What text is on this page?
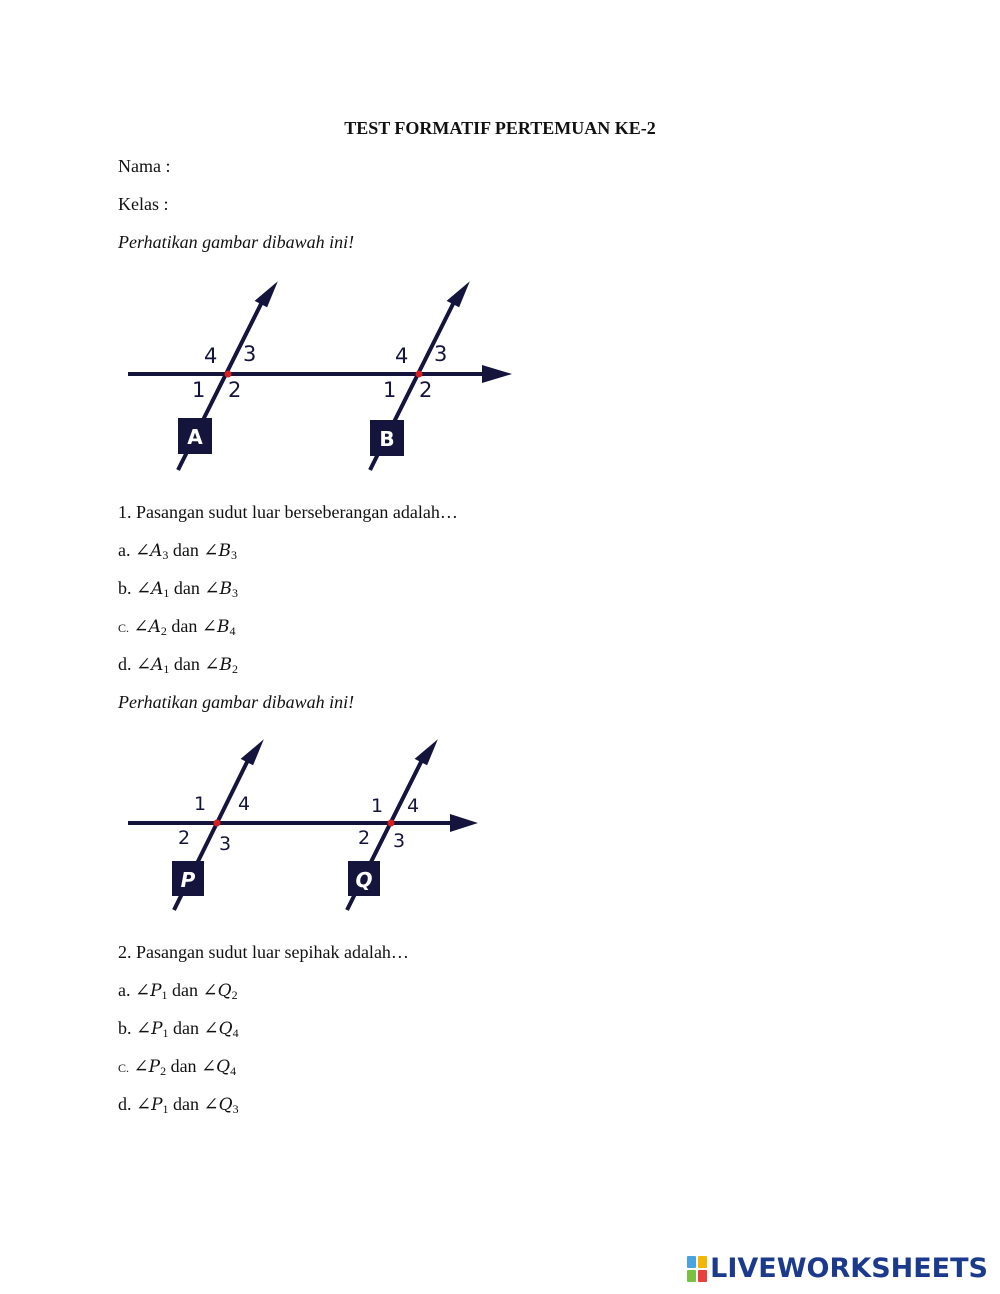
TEST FORMATIF PERTEMUAN KE-2
Nama :
Kelas :
Perhatikan gambar dibawah ini!
4 3
1 2
4 3
1 2
A	B
1. Pasangan sudut luar berseberangan adalah…
a. $\angle A_3$ dan $\angle B_3$
b. $\angle A_1$ dan $\angle B_3$
C. $\angle A_2$ dan $\angle B_4$
d. $\angle A_1$ dan $\angle B_2$
Perhatikan gambar dibawah ini!
1 4
2 3
1 4
2 3
P	Q
2. Pasangan sudut luar sepihak adalah…
a. $\angle P_1$ dan $\angle Q_2$
b. $\angle P_1$ dan $\angle Q_4$
C. $\angle P_2$ dan $\angle Q_4$
d. $\angle P_1$ dan $\angle Q_3$
LIVEWORKSHEETS
